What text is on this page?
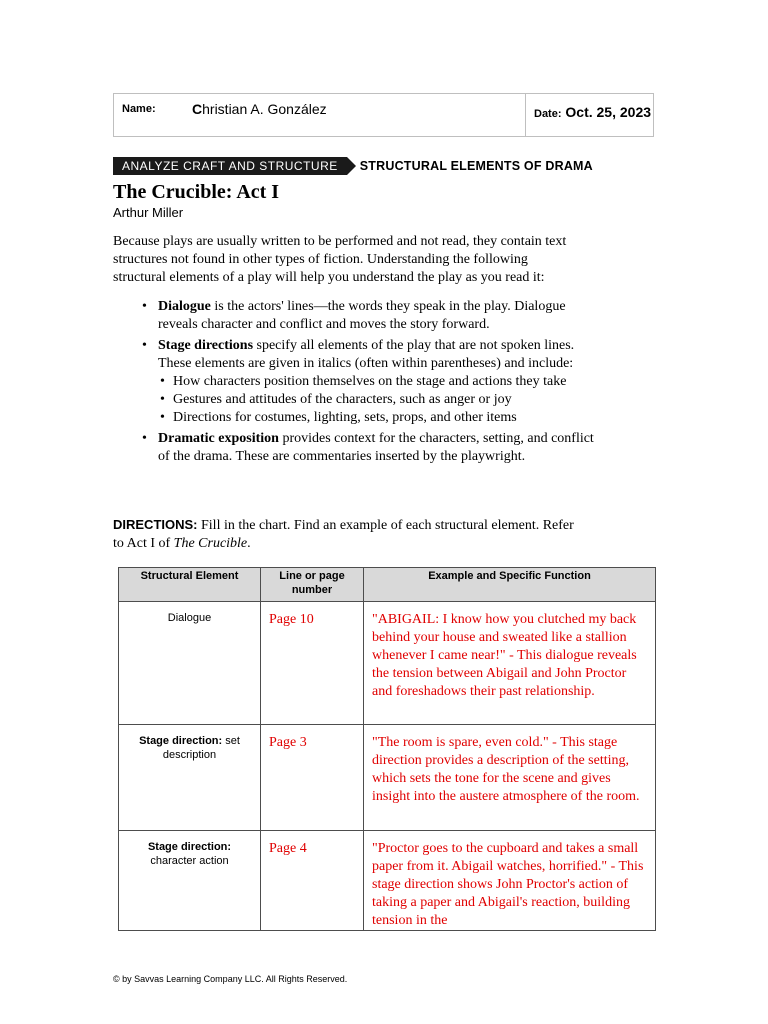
Name:	Christian A. González	Date: Oct. 25, 2023
ANALYZE CRAFT AND STRUCTURE	STRUCTURAL ELEMENTS OF DRAMA
The Crucible: Act I
Arthur Miller
Because plays are usually written to be performed and not read, they contain text structures not found in other types of fiction. Understanding the following structural elements of a play will help you understand the play as you read it:
• Dialogue is the actors' lines—the words they speak in the play. Dialogue reveals character and conflict and moves the story forward.
• Stage directions specify all elements of the play that are not spoken lines. These elements are given in italics (often within parentheses) and include:
• How characters position themselves on the stage and actions they take
• Gestures and attitudes of the characters, such as anger or joy
• Directions for costumes, lighting, sets, props, and other items
• Dramatic exposition provides context for the characters, setting, and conflict of the drama. These are commentaries inserted by the playwright.
DIRECTIONS: Fill in the chart. Find an example of each structural element. Refer to Act I of The Crucible.
Structural Element	Line or page number	Example and Specific Function
Dialogue	Page 10	"ABIGAIL: I know how you clutched my back behind your house and sweated like a stallion whenever I came near!" - This dialogue reveals the tension between Abigail and John Proctor and foreshadows their past relationship.
Stage direction: set description	Page 3	"The room is spare, even cold." - This stage direction provides a description of the setting, which sets the tone for the scene and gives insight into the austere atmosphere of the room.
Stage direction:
character action	Page 4	"Proctor goes to the cupboard and takes a small paper from it. Abigail watches, horrified." - This stage direction shows John Proctor's action of taking a paper and Abigail's reaction, building tension in the
© by Savvas Learning Company LLC. All Rights Reserved.
